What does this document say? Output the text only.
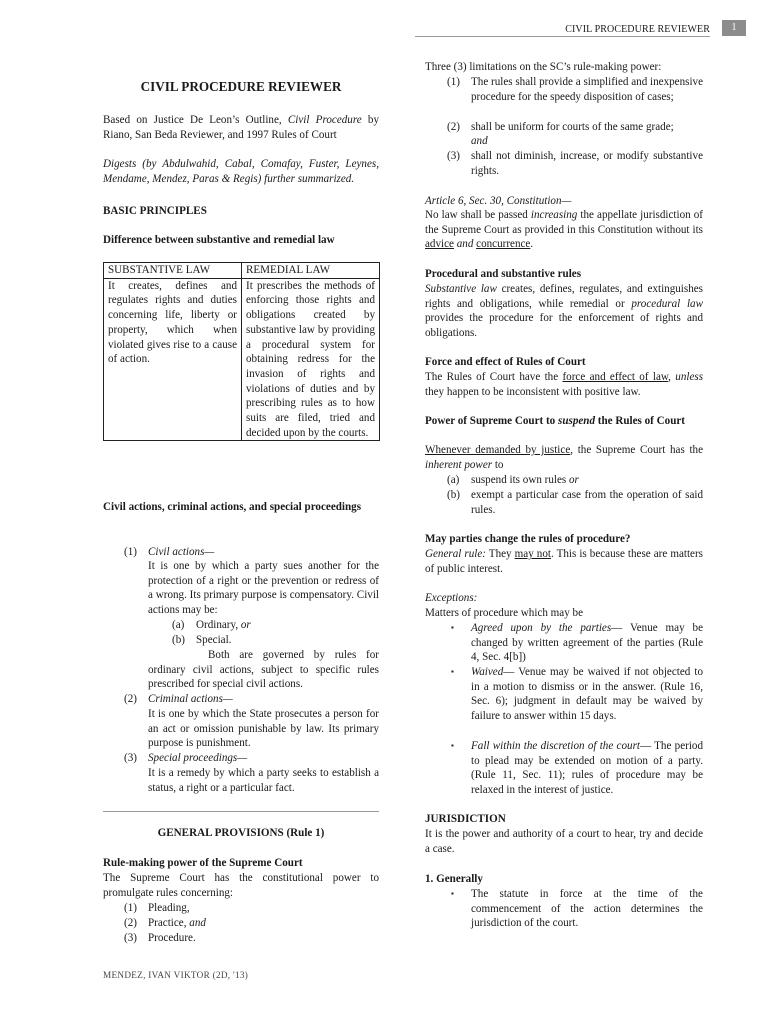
CIVIL PROCEDURE REVIEWER	1
CIVIL PROCEDURE REVIEWER
Based on Justice De Leon’s Outline, Civil Procedure by Riano, San Beda Reviewer, and 1997 Rules of Court
Digests (by Abdulwahid, Cabal, Comafay, Fuster, Leynes, Mendame, Mendez, Paras & Regis) further summarized.
BASIC PRINCIPLES
Difference between substantive and remedial law
SUBSTANTIVE LAW	REMEDIAL LAW
It creates, defines and regulates rights and duties concerning life, liberty or property, which when violated gives rise to a cause of action.	It prescribes the methods of enforcing those rights and obligations created by substantive law by providing a procedural system for obtaining redress for the invasion of rights and violations of duties and by prescribing rules as to how suits are filed, tried and decided upon by the courts.
Civil actions, criminal actions, and special proceedings
(1) Civil actions—
It is one by which a party sues another for the protection of a right or the prevention or redress of a wrong. Its primary purpose is compensatory. Civil actions may be:
(a) Ordinary, or
(b) Special.
Both are governed by rules for ordinary civil actions, subject to specific rules prescribed for special civil actions.
(2) Criminal actions—
It is one by which the State prosecutes a person for an act or omission punishable by law. Its primary purpose is punishment.
(3) Special proceedings—
It is a remedy by which a party seeks to establish a status, a right or a particular fact.
GENERAL PROVISIONS (Rule 1)
Rule-making power of the Supreme Court
The Supreme Court has the constitutional power to promulgate rules concerning:
(1) Pleading,
(2) Practice, and
(3) Procedure.
Three (3) limitations on the SC’s rule-making power:
(1) The rules shall provide a simplified and inexpensive procedure for the speedy disposition of cases;
(2) shall be uniform for courts of the same grade;
and
(3) shall not diminish, increase, or modify substantive rights.
Article 6, Sec. 30, Constitution—
No law shall be passed increasing the appellate jurisdiction of the Supreme Court as provided in this Constitution without its advice and concurrence.
Procedural and substantive rules
Substantive law creates, defines, regulates, and extinguishes rights and obligations, while remedial or procedural law provides the procedure for the enforcement of rights and obligations.
Force and effect of Rules of Court
The Rules of Court have the force and effect of law, unless they happen to be inconsistent with positive law.
Power of Supreme Court to suspend the Rules of Court
Whenever demanded by justice, the Supreme Court has the inherent power to
(a) suspend its own rules or
(b) exempt a particular case from the operation of said rules.
May parties change the rules of procedure?
General rule: They may not. This is because these are matters of public interest.
Exceptions:
Matters of procedure which may be
▪ Agreed upon by the parties— Venue may be changed by written agreement of the parties (Rule 4, Sec. 4[b])
▪ Waived— Venue may be waived if not objected to in a motion to dismiss or in the answer. (Rule 16, Sec. 6); judgment in default may be waived by failure to answer within 15 days.
▪ Fall within the discretion of the court— The period to plead may be extended on motion of a party. (Rule 11, Sec. 11); rules of procedure may be relaxed in the interest of justice.
JURISDICTION
It is the power and authority of a court to hear, try and decide a case.
1. Generally
▪ The statute in force at the time of the commencement of the action determines the jurisdiction of the court.
MENDEZ, IVAN VIKTOR (2D, '13)
